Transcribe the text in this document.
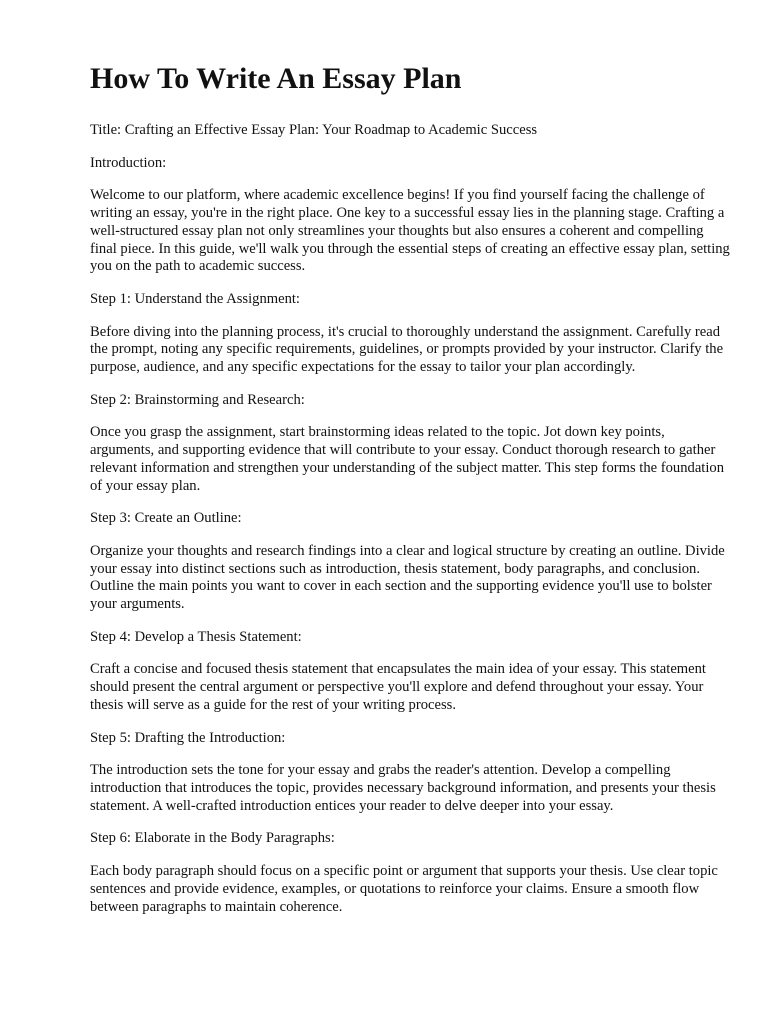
How To Write An Essay Plan

Title: Crafting an Effective Essay Plan: Your Roadmap to Academic Success

Introduction:

Welcome to our platform, where academic excellence begins! If you find yourself facing the challenge of writing an essay, you're in the right place. One key to a successful essay lies in the planning stage. Crafting a well-structured essay plan not only streamlines your thoughts but also ensures a coherent and compelling final piece. In this guide, we'll walk you through the essential steps of creating an effective essay plan, setting you on the path to academic success.

Step 1: Understand the Assignment:

Before diving into the planning process, it's crucial to thoroughly understand the assignment. Carefully read the prompt, noting any specific requirements, guidelines, or prompts provided by your instructor. Clarify the purpose, audience, and any specific expectations for the essay to tailor your plan accordingly.

Step 2: Brainstorming and Research:

Once you grasp the assignment, start brainstorming ideas related to the topic. Jot down key points, arguments, and supporting evidence that will contribute to your essay. Conduct thorough research to gather relevant information and strengthen your understanding of the subject matter. This step forms the foundation of your essay plan.

Step 3: Create an Outline:

Organize your thoughts and research findings into a clear and logical structure by creating an outline. Divide your essay into distinct sections such as introduction, thesis statement, body paragraphs, and conclusion. Outline the main points you want to cover in each section and the supporting evidence you'll use to bolster your arguments.

Step 4: Develop a Thesis Statement:

Craft a concise and focused thesis statement that encapsulates the main idea of your essay. This statement should present the central argument or perspective you'll explore and defend throughout your essay. Your thesis will serve as a guide for the rest of your writing process.

Step 5: Drafting the Introduction:

The introduction sets the tone for your essay and grabs the reader's attention. Develop a compelling introduction that introduces the topic, provides necessary background information, and presents your thesis statement. A well-crafted introduction entices your reader to delve deeper into your essay.

Step 6: Elaborate in the Body Paragraphs:

Each body paragraph should focus on a specific point or argument that supports your thesis. Use clear topic sentences and provide evidence, examples, or quotations to reinforce your claims. Ensure a smooth flow between paragraphs to maintain coherence.
